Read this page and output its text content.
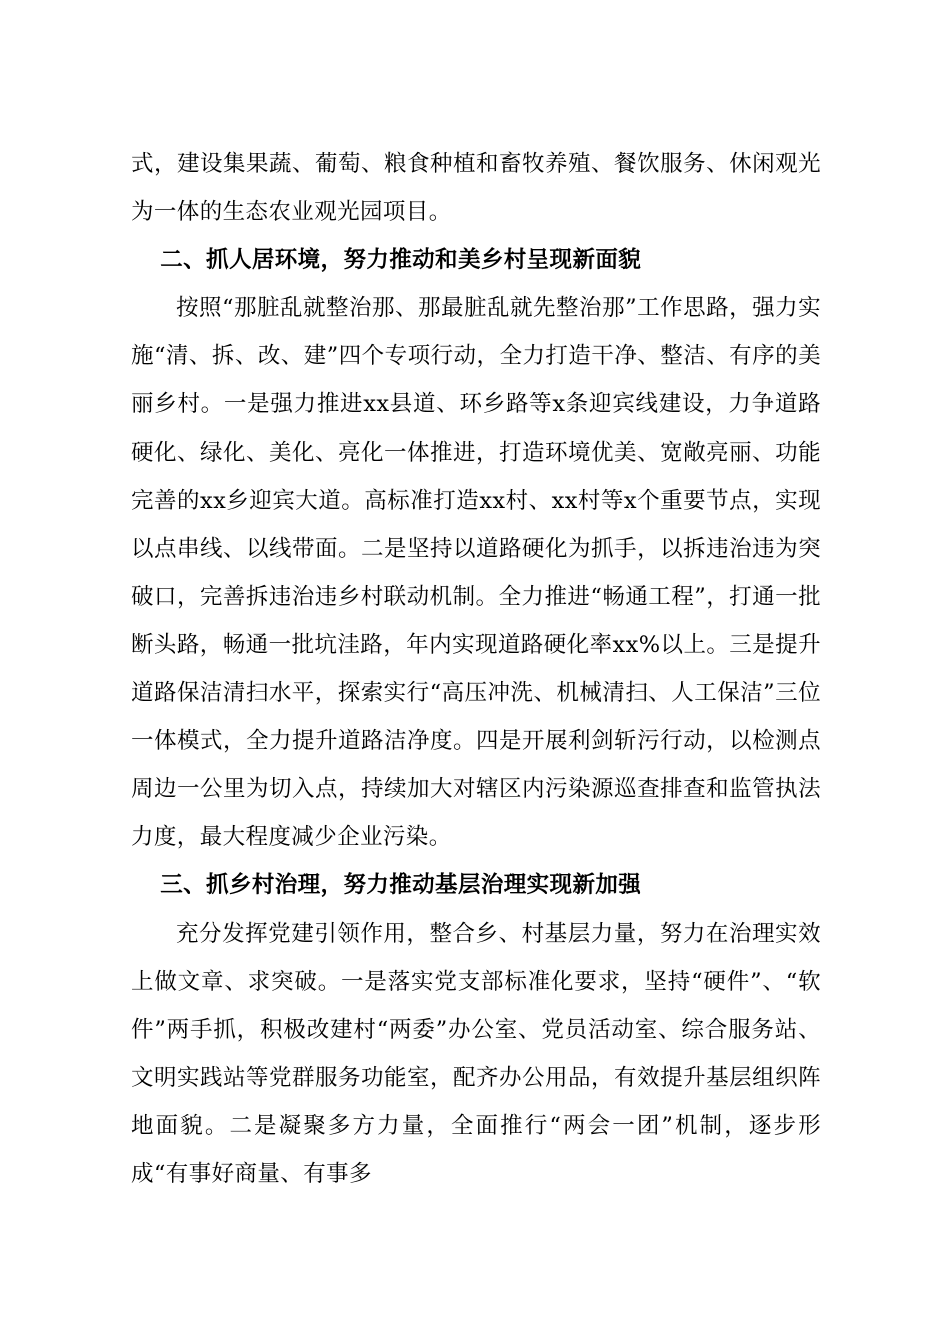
式，建设集果蔬、葡萄、粮食种植和畜牧养殖、餐饮服务、休闲观光为一体的生态农业观光园项目。

二、抓人居环境，努力推动和美乡村呈现新面貌

按照“那脏乱就整治那、那最脏乱就先整治那”工作思路，强力实施“清、拆、改、建”四个专项行动，全力打造干净、整洁、有序的美丽乡村。一是强力推进xx县道、环乡路等x条迎宾线建设，力争道路硬化、绿化、美化、亮化一体推进，打造环境优美、宽敞亮丽、功能完善的xx乡迎宾大道。高标准打造xx村、xx村等x个重要节点，实现以点串线、以线带面。二是坚持以道路硬化为抓手，以拆违治违为突破口，完善拆违治违乡村联动机制。全力推进“畅通工程”，打通一批断头路，畅通一批坑洼路，年内实现道路硬化率xx%以上。三是提升道路保洁清扫水平，探索实行“高压冲洗、机械清扫、人工保洁”三位一体模式，全力提升道路洁净度。四是开展利剑斩污行动，以检测点周边一公里为切入点，持续加大对辖区内污染源巡查排查和监管执法力度，最大程度减少企业污染。

三、抓乡村治理，努力推动基层治理实现新加强

充分发挥党建引领作用，整合乡、村基层力量，努力在治理实效上做文章、求突破。一是落实党支部标准化要求，坚持“硬件”、“软件”两手抓，积极改建村“两委”办公室、党员活动室、综合服务站、文明实践站等党群服务功能室，配齐办公用品，有效提升基层组织阵地面貌。二是凝聚多方力量，全面推行“两会一团”机制，逐步形成“有事好商量、有事多
